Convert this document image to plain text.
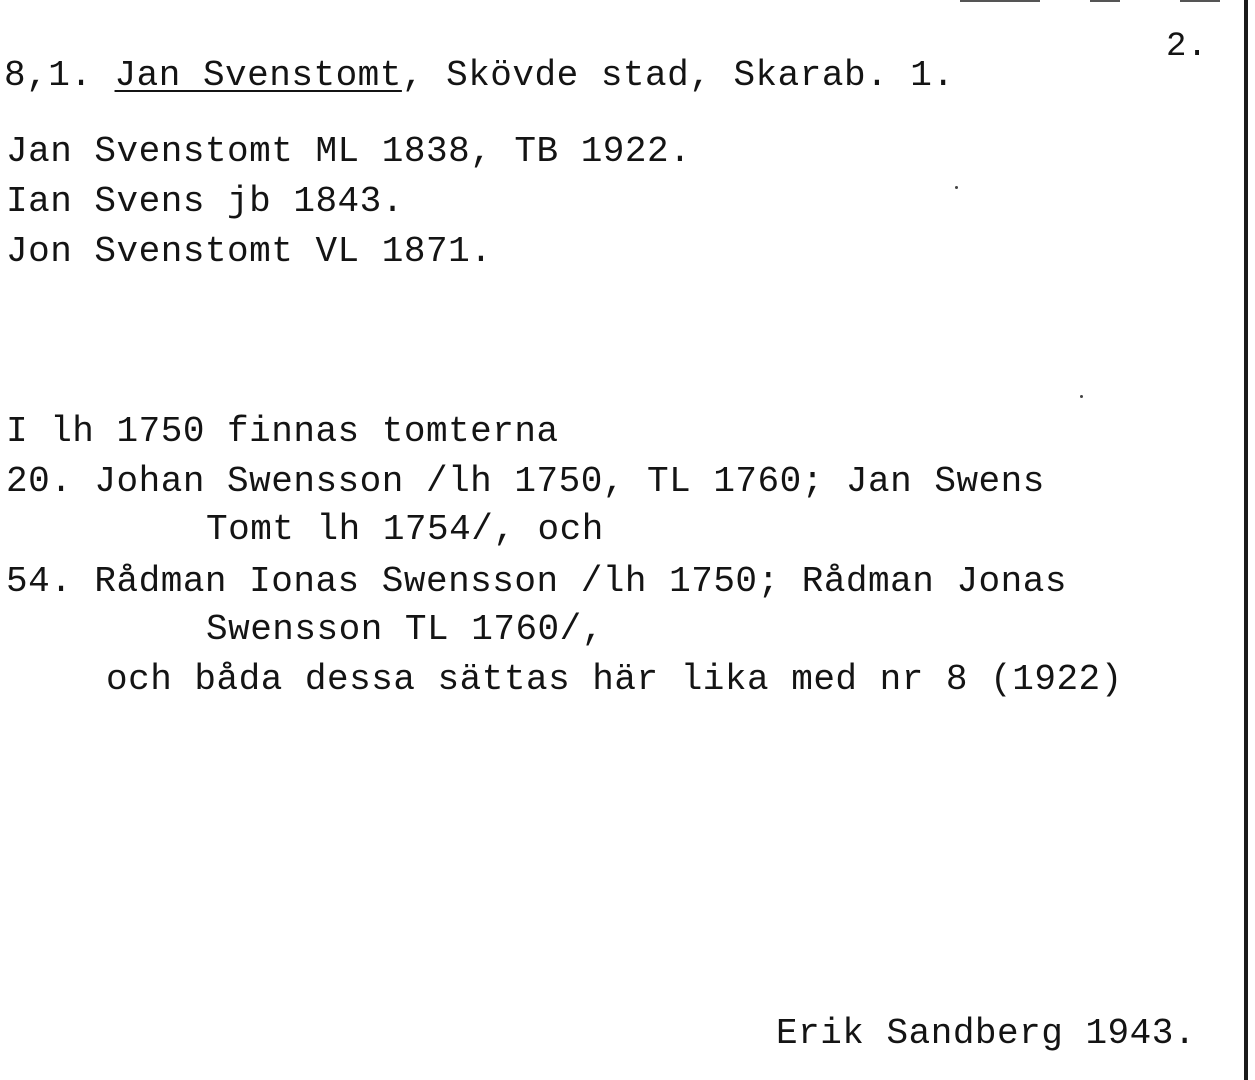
2.
8,1. Jan Svenstomt, Skövde stad, Skarab. 1.
Jan Svenstomt ML 1838, TB 1922.
Ian Svens jb 1843.
Jon Svenstomt VL 1871.
I lh 1750 finnas tomterna
20. Johan Swensson /lh 1750, TL 1760; Jan Swens
Tomt lh 1754/, och
54. Rådman Ionas Swensson /lh 1750; Rådman Jonas
Swensson TL 1760/,
och båda dessa sättas här lika med nr 8 (1922)
Erik Sandberg 1943.
